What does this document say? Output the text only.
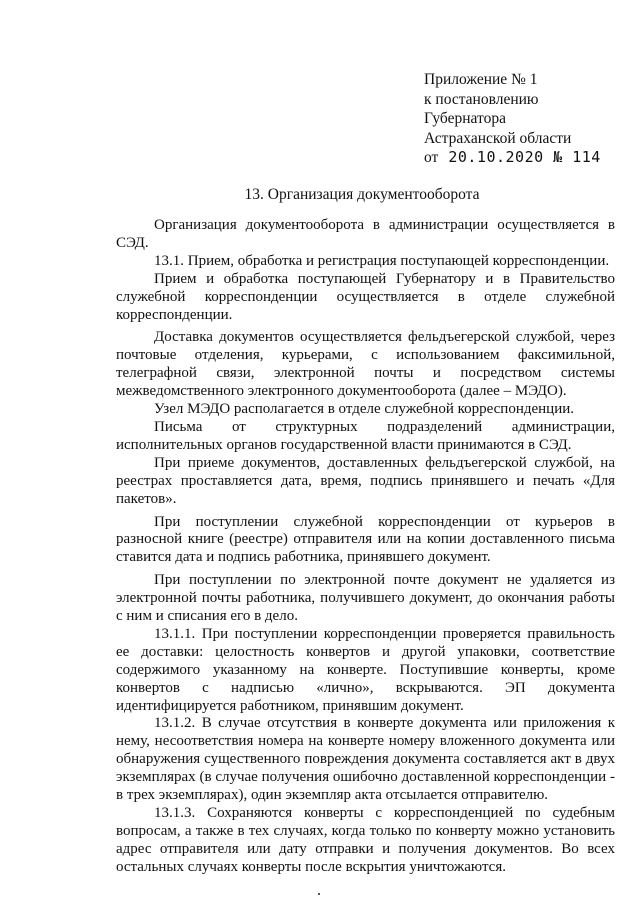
Приложение № 1
к постановлению
Губернатора
Астраханской области
от 20.10.2020 № 114
13. Организация документооборота

Организация документооборота в администрации осуществляется в СЭД.

13.1. Прием, обработка и регистрация поступающей корреспонденции.

Прием и обработка поступающей Губернатору и в Правительство служебной корреспонденции осуществляется в отделе служебной корреспонденции.

Доставка документов осуществляется фельдъегерской службой, через почтовые отделения, курьерами, с использованием факсимильной, телеграфной связи, электронной почты и посредством системы межведомственного электронного документооборота (далее – МЭДО).

Узел МЭДО располагается в отделе служебной корреспонденции.

Письма от структурных подразделений администрации, исполнительных органов государственной власти принимаются в СЭД.

При приеме документов, доставленных фельдъегерской службой, на реестрах проставляется дата, время, подпись принявшего и печать «Для пакетов».

При поступлении служебной корреспонденции от курьеров в разносной книге (реестре) отправителя или на копии доставленного письма ставится дата и подпись работника, принявшего документ.

При поступлении по электронной почте документ не удаляется из электронной почты работника, получившего документ, до окончания работы с ним и списания его в дело.

13.1.1. При поступлении корреспонденции проверяется правильность ее доставки: целостность конвертов и другой упаковки, соответствие содержимого указанному на конверте. Поступившие конверты, кроме конвертов с надписью «лично», вскрываются. ЭП документа идентифицируется работником, принявшим документ.

13.1.2. В случае отсутствия в конверте документа или приложения к нему, несоответствия номера на конверте номеру вложенного документа или обнаружения существенного повреждения документа составляется акт в двух экземплярах (в случае получения ошибочно доставленной корреспонденции - в трех экземплярах), один экземпляр акта отсылается отправителю.

13.1.3. Сохраняются конверты с корреспонденцией по судебным вопросам, а также в тех случаях, когда только по конверту можно установить адрес отправителя или дату отправки и получения документов. Во всех остальных случаях конверты после вскрытия уничтожаются.
